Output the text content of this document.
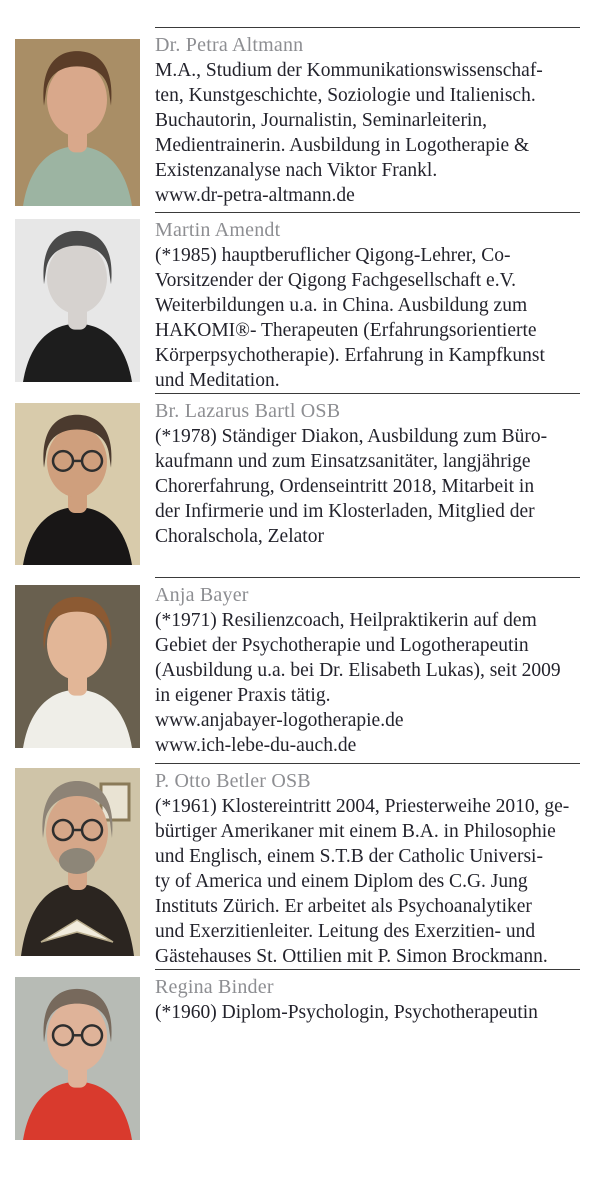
Dr. Petra Altmann

M.A., Studium der Kommunikationswissenschaf-

ten, Kunstgeschichte, Soziologie und Italienisch.

Buchautorin, Journalistin, Seminarleiterin,

Medientrainerin. Ausbildung in Logotherapie &

Existenzanalyse nach Viktor Frankl.

www.dr-petra-altmann.de

Martin Amendt

(*1985) hauptberuflicher Qigong-Lehrer, Co-

Vorsitzender der Qigong Fachgesellschaft e.V.

Weiterbildungen u.a. in China. Ausbildung zum

HAKOMI®- Therapeuten (Erfahrungsorientierte

Körperpsychotherapie). Erfahrung in Kampfkunst

und Meditation.

Br. Lazarus Bartl OSB

(*1978) Ständiger Diakon, Ausbildung zum Büro-

kaufmann und zum Einsatzsanitäter, langjährige

Chorerfahrung, Ordenseintritt 2018, Mitarbeit in

der Infirmerie und im Klosterladen, Mitglied der

Choralschola, Zelator

Anja Bayer

(*1971) Resilienzcoach, Heilpraktikerin auf dem

Gebiet der Psychotherapie und Logotherapeutin

(Ausbildung u.a. bei Dr. Elisabeth Lukas), seit 2009

in eigener Praxis tätig.

www.anjabayer-logotherapie.de

www.ich-lebe-du-auch.de

P. Otto Betler OSB

(*1961) Klostereintritt 2004, Priesterweihe 2010, ge-

bürtiger Amerikaner mit einem B.A. in Philosophie

und Englisch, einem S.T.B der Catholic Universi-

ty of America und einem Diplom des C.G. Jung

Instituts Zürich. Er arbeitet als Psychoanalytiker

und Exerzitienleiter. Leitung des Exerzitien- und

Gästehauses St. Ottilien mit P. Simon Brockmann.

Regina Binder

(*1960) Diplom-Psychologin, Psychotherapeutin
